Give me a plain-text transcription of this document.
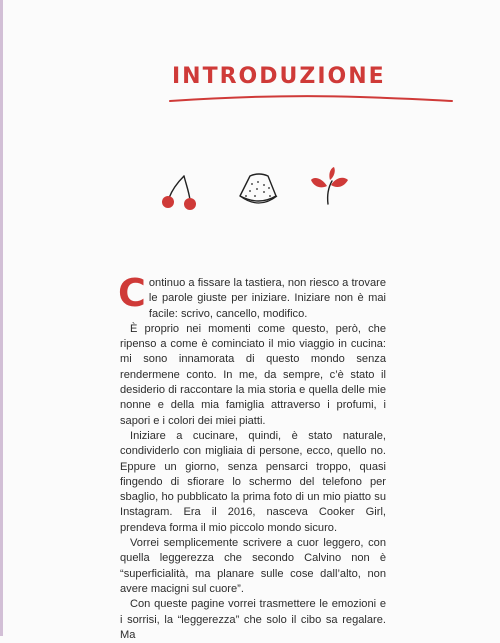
INTRODUZIONE

Continuo a fissare la tastiera, non riesco a trovare le parole giuste per iniziare. Iniziare non è mai facile: scrivo, cancello, modifico.

È proprio nei momenti come questo, però, che ripenso a come è cominciato il mio viaggio in cucina: mi sono innamorata di questo mondo senza rendermene conto. In me, da sempre, c’è stato il desiderio di raccontare la mia storia e quella delle mie nonne e della mia famiglia attraverso i profumi, i sapori e i colori dei miei piatti.

Iniziare a cucinare, quindi, è stato naturale, condividerlo con migliaia di persone, ecco, quello no. Eppure un giorno, senza pensarci troppo, quasi fingendo di sfiorare lo schermo del telefono per sbaglio, ho pubblicato la prima foto di un mio piatto su Instagram. Era il 2016, nasceva Cooker Girl, prendeva forma il mio piccolo mondo sicuro.

Vorrei semplicemente scrivere a cuor leggero, con quella leggerezza che secondo Calvino non è “superficialità, ma planare sulle cose dall’alto, non avere macigni sul cuore”.

Con queste pagine vorrei trasmettere le emozioni e i sorrisi, la “leggerezza” che solo il cibo sa regalare. Ma
